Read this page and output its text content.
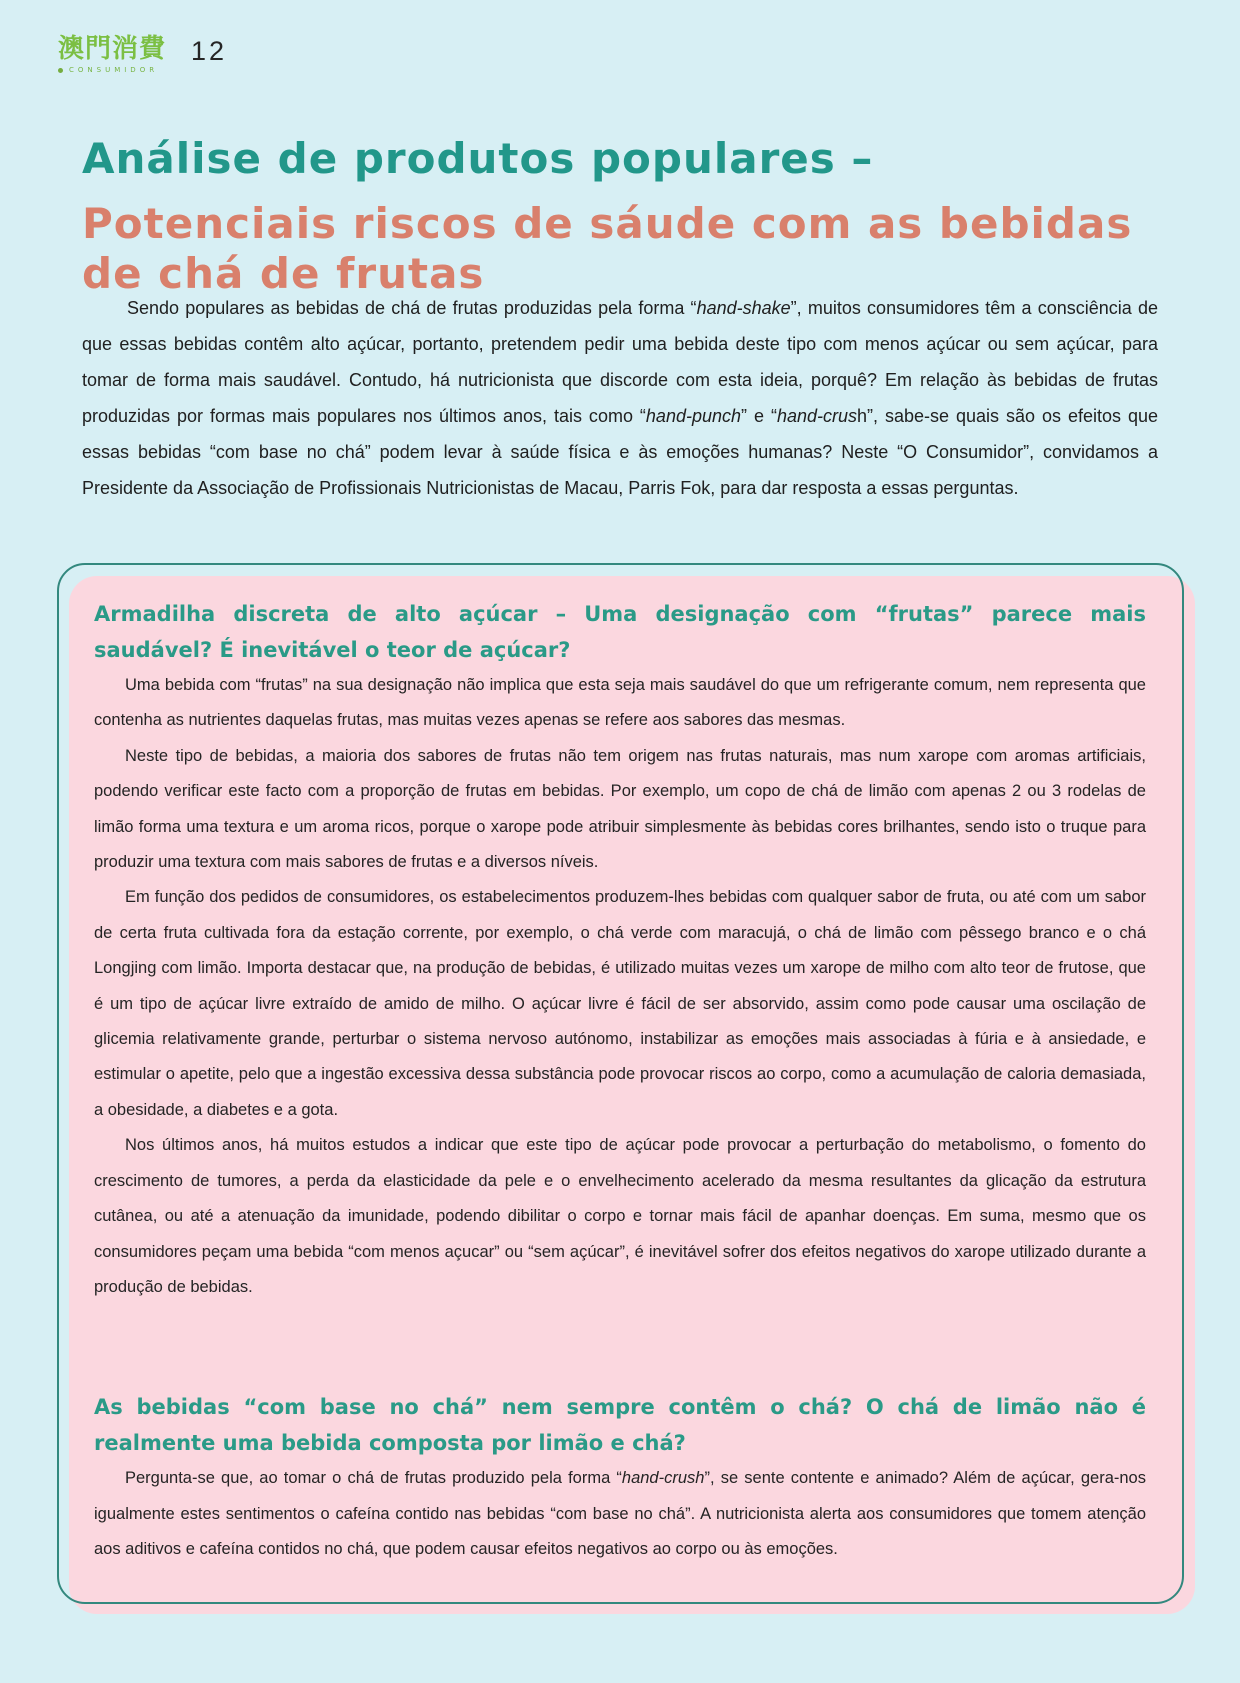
澳門消費
CONSUMIDOR
12
Análise de produtos populares –
Potenciais riscos de sáude com as bebidas de chá de frutas

Sendo populares as bebidas de chá de frutas produzidas pela forma “hand-shake”, muitos consumidores têm a consciência de que essas bebidas contêm alto açúcar, portanto, pretendem pedir uma bebida deste tipo com menos açúcar ou sem açúcar, para tomar de forma mais saudável. Contudo, há nutricionista que discorde com esta ideia, porquê? Em relação às bebidas de frutas produzidas por formas mais populares nos últimos anos, tais como “hand-punch” e “hand-crush”, sabe-se quais são os efeitos que essas bebidas “com base no chá” podem levar à saúde física e às emoções humanas? Neste “O Consumidor”, convidamos a Presidente da Associação de Profissionais Nutricionistas de Macau, Parris Fok, para dar resposta a essas perguntas.

Armadilha discreta de alto açúcar – Uma designação com “frutas” parece mais saudável? É inevitável o teor de açúcar?

Uma bebida com “frutas” na sua designação não implica que esta seja mais saudável do que um refrigerante comum, nem representa que contenha as nutrientes daquelas frutas, mas muitas vezes apenas se refere aos sabores das mesmas.

Neste tipo de bebidas, a maioria dos sabores de frutas não tem origem nas frutas naturais, mas num xarope com aromas artificiais, podendo verificar este facto com a proporção de frutas em bebidas. Por exemplo, um copo de chá de limão com apenas 2 ou 3 rodelas de limão forma uma textura e um aroma ricos, porque o xarope pode atribuir simplesmente às bebidas cores brilhantes, sendo isto o truque para produzir uma textura com mais sabores de frutas e a diversos níveis.

Em função dos pedidos de consumidores, os estabelecimentos produzem-lhes bebidas com qualquer sabor de fruta, ou até com um sabor de certa fruta cultivada fora da estação corrente, por exemplo, o chá verde com maracujá, o chá de limão com pêssego branco e o chá Longjing com limão. Importa destacar que, na produção de bebidas, é utilizado muitas vezes um xarope de milho com alto teor de frutose, que é um tipo de açúcar livre extraído de amido de milho. O açúcar livre é fácil de ser absorvido, assim como pode causar uma oscilação de glicemia relativamente grande, perturbar o sistema nervoso autónomo, instabilizar as emoções mais associadas à fúria e à ansiedade, e estimular o apetite, pelo que a ingestão excessiva dessa substância pode provocar riscos ao corpo, como a acumulação de caloria demasiada, a obesidade, a diabetes e a gota.

Nos últimos anos, há muitos estudos a indicar que este tipo de açúcar pode provocar a perturbação do metabolismo, o fomento do crescimento de tumores, a perda da elasticidade da pele e o envelhecimento acelerado da mesma resultantes da glicação da estrutura cutânea, ou até a atenuação da imunidade, podendo dibilitar o corpo e tornar mais fácil de apanhar doenças. Em suma, mesmo que os consumidores peçam uma bebida “com menos açucar” ou “sem açúcar”, é inevitável sofrer dos efeitos negativos do xarope utilizado durante a produção de bebidas.

As bebidas “com base no chá” nem sempre contêm o chá? O chá de limão não é realmente uma bebida composta por limão e chá?

Pergunta-se que, ao tomar o chá de frutas produzido pela forma “hand-crush”, se sente contente e animado? Além de açúcar, gera-nos igualmente estes sentimentos o cafeína contido nas bebidas “com base no chá”. A nutricionista alerta aos consumidores que tomem atenção aos aditivos e cafeína contidos no chá, que podem causar efeitos negativos ao corpo ou às emoções.
